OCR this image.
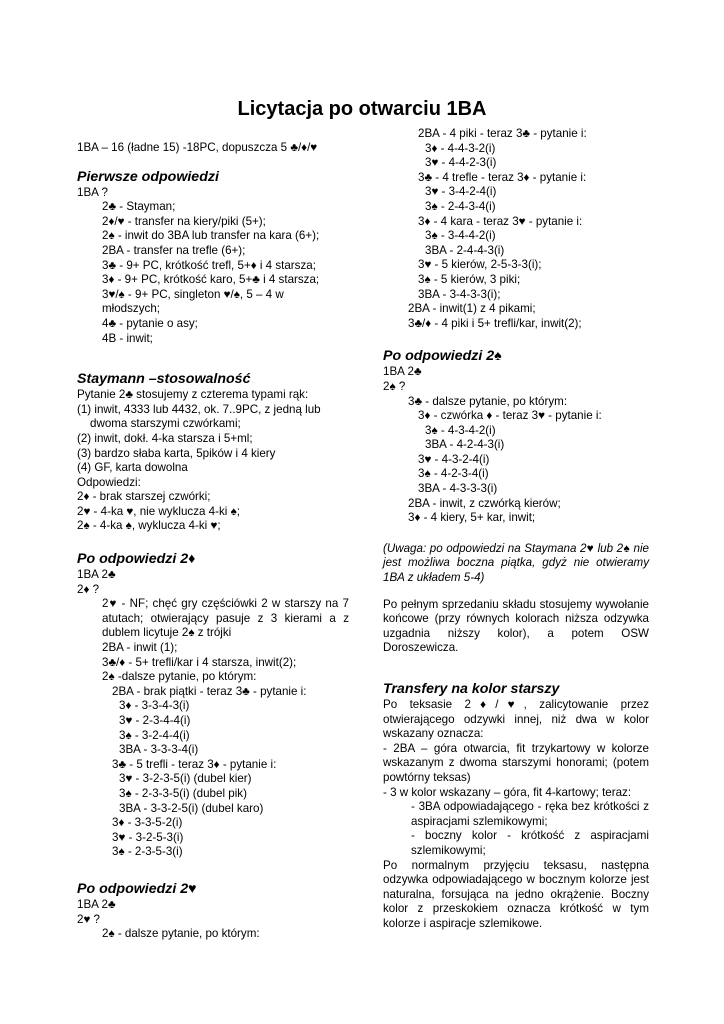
Licytacja po otwarciu 1BA
1BA – 16 (ładne 15) -18PC, dopuszcza 5 ♣/♦/♥
Pierwsze odpowiedzi
1BA ?
2♣ - Stayman;
2♦/♥ - transfer na kiery/piki (5+);
2♠ - inwit do 3BA lub transfer na kara (6+);
2BA - transfer na trefle (6+);
3♣ - 9+ PC, krótkość trefl, 5+♦ i 4 starsza;
3♦ - 9+ PC, krótkość karo, 5+♣ i 4 starsza;
3♥/♠ - 9+ PC, singleton ♥/♠, 5 – 4 w
młodszych;
4♣ - pytanie o asy;
4B - inwit;
Staymann –stosowalność
Pytanie 2♣ stosujemy z czterema typami rąk:
(1) inwit, 4333 lub 4432, ok. 7..9PC, z jedną lub
dwoma starszymi czwórkami;
(2) inwit, dokł. 4-ka starsza i 5+ml;
(3) bardzo słaba karta, 5pików i 4 kiery
(4) GF, karta dowolna
Odpowiedzi:
2♦ - brak starszej czwórki;
2♥ - 4-ka ♥, nie wyklucza 4-ki ♠;
2♠ - 4-ka ♠, wyklucza 4-ki ♥;
Po odpowiedzi 2♦
1BA 2♣
2♦ ?
2♥ - NF; chęć gry częściówki 2 w starszy na 7 atutach; otwierający pasuje z 3 kierami a z dublem licytuje 2♠ z trójki
2BA - inwit (1);
3♣/♦ - 5+ trefli/kar i 4 starsza, inwit(2);
2♠ -dalsze pytanie, po którym:
2BA - brak piątki - teraz 3♣ - pytanie i:
3♦ - 3-3-4-3(i)
3♥ - 2-3-4-4(i)
3♠ - 3-2-4-4(i)
3BA - 3-3-3-4(i)
3♣ - 5 trefli - teraz 3♦ - pytanie i:
3♥ - 3-2-3-5(i) (dubel kier)
3♠ - 2-3-3-5(i) (dubel pik)
3BA - 3-3-2-5(i) (dubel karo)
3♦ - 3-3-5-2(i)
3♥ - 3-2-5-3(i)
3♠ - 2-3-5-3(i)
Po odpowiedzi 2♥
1BA 2♣
2♥ ?
2♠ - dalsze pytanie, po którym:
2BA - 4 piki - teraz 3♣ - pytanie i:
3♦ - 4-4-3-2(i)
3♥ - 4-4-2-3(i)
3♣ - 4 trefle - teraz 3♦ - pytanie i:
3♥ - 3-4-2-4(i)
3♠ - 2-4-3-4(i)
3♦ - 4 kara - teraz 3♥ - pytanie i:
3♠ - 3-4-4-2(i)
3BA - 2-4-4-3(i)
3♥ - 5 kierów, 2-5-3-3(i);
3♠ - 5 kierów, 3 piki;
3BA - 3-4-3-3(i);
2BA - inwit(1) z 4 pikami;
3♣/♦ - 4 piki i 5+ trefli/kar, inwit(2);
Po odpowiedzi 2♠
1BA 2♣
2♠ ?
3♣ - dalsze pytanie, po którym:
3♦ - czwórka ♦ - teraz 3♥ - pytanie i:
3♠ - 4-3-4-2(i)
3BA - 4-2-4-3(i)
3♥ - 4-3-2-4(i)
3♠ - 4-2-3-4(i)
3BA - 4-3-3-3(i)
2BA - inwit, z czwórką kierów;
3♦ - 4 kiery, 5+ kar, inwit;
(Uwaga: po odpowiedzi na Staymana 2♥ lub 2♠ nie jest możliwa boczna piątka, gdyż nie otwieramy 1BA z układem 5-4)
Po pełnym sprzedaniu składu stosujemy wywołanie końcowe (przy równych kolorach niższa odzywka uzgadnia niższy kolor), a potem OSW Doroszewicza.
Transfery na kolor starszy
Po teksasie 2♦/♥, zalicytowanie przez otwierającego odzywki innej, niż dwa w kolor wskazany oznacza:
- 2BA – góra otwarcia, fit trzykartowy w kolorze wskazanym z dwoma starszymi honorami; (potem powtórny teksas)
- 3 w kolor wskazany – góra, fit 4-kartowy; teraz:
- 3BA odpowiadającego - ręka bez krótkości z aspiracjami szlemikowymi;
- boczny kolor - krótkość z aspiracjami szlemikowymi;
Po normalnym przyjęciu teksasu, następna odzywka odpowiadającego w bocznym kolorze jest naturalna, forsująca na jedno okrążenie. Boczny kolor z przeskokiem oznacza krótkość w tym kolorze i aspiracje szlemikowe.
